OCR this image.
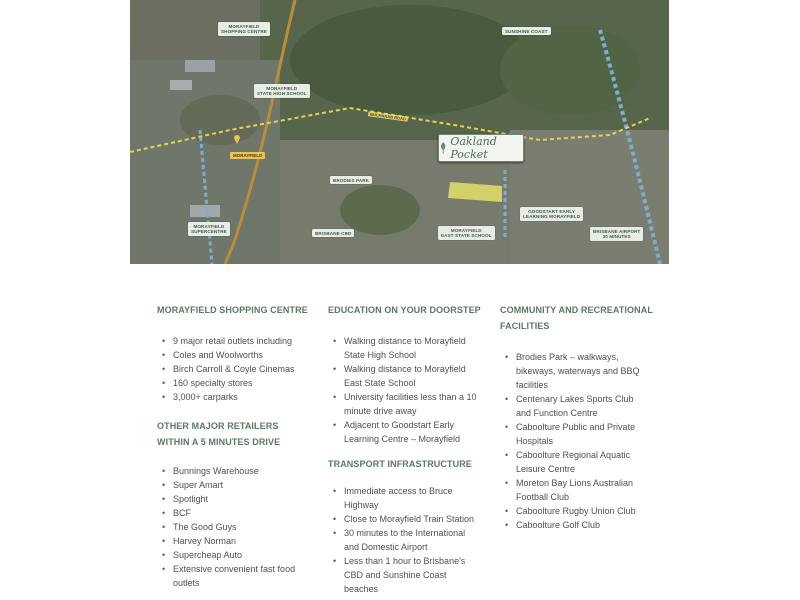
MORAYFIELD
SHOPPING CENTRE	SUNSHINE COAST
MORAYFIELD
STATE HIGH SCHOOL
BUCHANAN ROAD
MORAYFIELD
BRODIES PARK
MORAYFIELD
SUPERCENTRE	BRISBANE CBD
MORAYFIELD
EAST STATE SCHOOL
GOODSTART EARLY
LEARNING MORAYFIELD
BRISBANE AIRPORT
30 MINUTES
Oakland Pocket
MORAYFIELD SHOPPING CENTRE
• 9 major retail outlets including
• Coles and Woolworths
• Birch Carroll & Coyle Cinemas
• 160 specialty stores
• 3,000+ carparks
OTHER MAJOR RETAILERS WITHIN A 5 MINUTES DRIVE
• Bunnings Warehouse
• Super Amart
• Spotlight
• BCF
• The Good Guys
• Harvey Norman
• Supercheap Auto
• Extensive convenient fast food outlets
EDUCATION ON YOUR DOORSTEP
• Walking distance to Morayfield State High School
• Walking distance to Morayfield East State School
• University facilities less than a 10 minute drive away
• Adjacent to Goodstart Early Learning Centre – Morayfield
TRANSPORT INFRASTRUCTURE
• Immediate access to Bruce Highway
• Close to Morayfield Train Station
• 30 minutes to the International and Domestic Airport
• Less than 1 hour to Brisbane's CBD and Sunshine Coast beaches
COMMUNITY AND RECREATIONAL FACILITIES
• Brodies Park – walkways, bikeways, waterways and BBQ facilities
• Centenary Lakes Sports Club and Function Centre
• Caboolture Public and Private Hospitals
• Caboolture Regional Aquatic Leisure Centre
• Moreton Bay Lions Australian Football Club
• Caboolture Rugby Union Club
• Caboolture Golf Club
